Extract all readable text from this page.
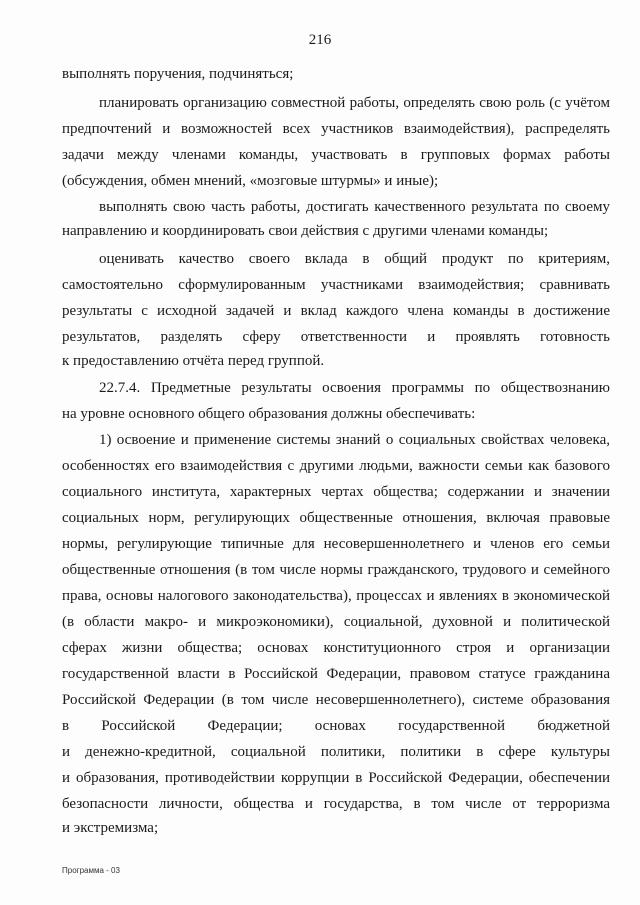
216
выполнять поручения, подчиняться;
планировать организацию совместной работы, определять свою роль (с учётом
предпочтений и возможностей всех участников взаимодействия), распределять
задачи между членами команды, участвовать в групповых формах работы
(обсуждения, обмен мнений, «мозговые штурмы» и иные);
выполнять свою часть работы, достигать качественного результата по своему
направлению и координировать свои действия с другими членами команды;
оценивать качество своего вклада в общий продукт по критериям,
самостоятельно сформулированным участниками взаимодействия; сравнивать
результаты с исходной задачей и вклад каждого члена команды в достижение
результатов, разделять сферу ответственности и проявлять готовность
к предоставлению отчёта перед группой.
22.7.4. Предметные результаты освоения программы по обществознанию
на уровне основного общего образования должны обеспечивать:
1) освоение и применение системы знаний о социальных свойствах человека,
особенностях его взаимодействия с другими людьми, важности семьи как базового
социального института, характерных чертах общества; содержании и значении
социальных норм, регулирующих общественные отношения, включая правовые
нормы, регулирующие типичные для несовершеннолетнего и членов его семьи
общественные отношения (в том числе нормы гражданского, трудового и семейного
права, основы налогового законодательства), процессах и явлениях в экономической
(в области макро- и микроэкономики), социальной, духовной и политической
сферах жизни общества; основах конституционного строя и организации
государственной власти в Российской Федерации, правовом статусе гражданина
Российской Федерации (в том числе несовершеннолетнего), системе образования
в Российской Федерации; основах государственной бюджетной
и денежно-кредитной, социальной политики, политики в сфере культуры
и образования, противодействии коррупции в Российской Федерации, обеспечении
безопасности личности, общества и государства, в том числе от терроризма
и экстремизма;
Программа - 03
